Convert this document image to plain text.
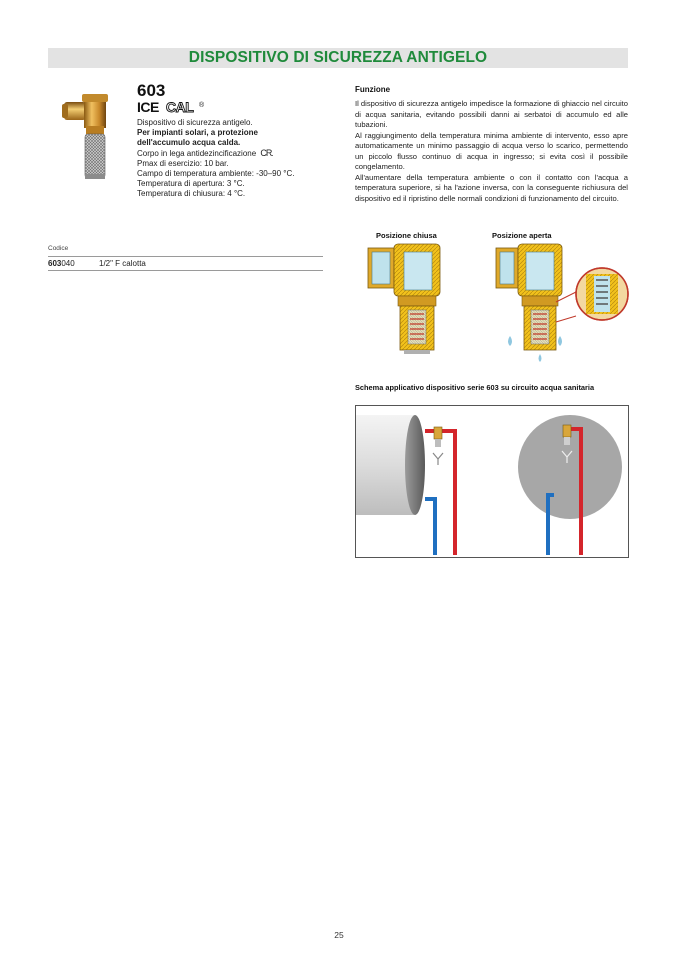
DISPOSITIVO DI SICUREZZA ANTIGELO
603
ICE CAL ®
Dispositivo di sicurezza antigelo.
Per impianti solari, a protezione
dell'accumulo acqua calda.
Corpo in lega antidezincificazione CR.
Pmax di esercizio: 10 bar.
Campo di temperatura ambiente: -30–90 °C.
Temperatura di apertura: 3 °C.
Temperatura di chiusura: 4 °C.
Codice
603040	1/2" F calotta
Funzione

Il dispositivo di sicurezza antigelo impedisce la formazione di ghiaccio nel circuito di acqua sanitaria, evitando possibili danni ai serbatoi di accumulo ed alle tubazioni.

Al raggiungimento della temperatura minima ambiente di intervento, esso apre automaticamente un minimo passaggio di acqua verso lo scarico, permettendo un piccolo flusso continuo di acqua in ingresso; si evita così il possibile congelamento.

All'aumentare della temperatura ambiente o con il contatto con l'acqua a temperatura superiore, si ha l'azione inversa, con la conseguente richiusura del dispositivo ed il ripristino delle normali condizioni di funzionamento del circuito.

Posizione chiusa	Posizione aperta
Schema applicativo dispositivo serie 603 su circuito acqua sanitaria
25
